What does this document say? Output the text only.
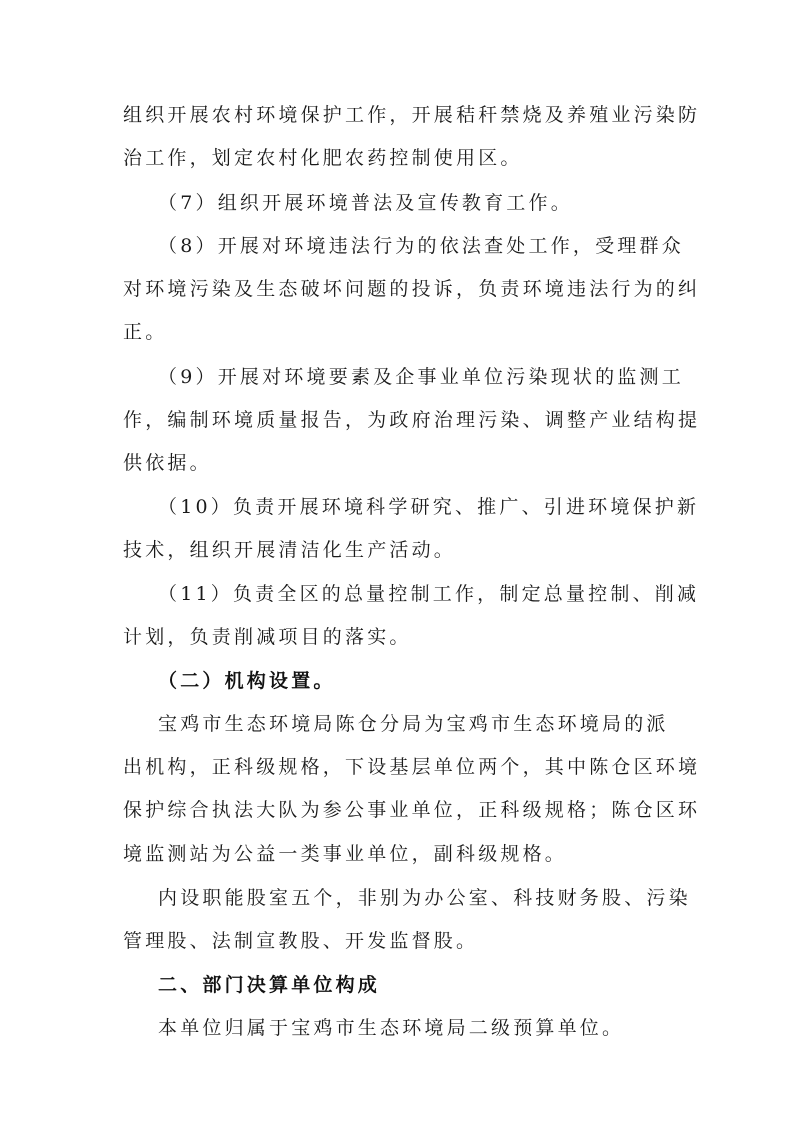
组织开展农村环境保护工作，开展秸秆禁烧及养殖业污染防
治工作，划定农村化肥农药控制使用区。
（7）组织开展环境普法及宣传教育工作。
（8）开展对环境违法行为的依法查处工作，受理群众
对环境污染及生态破坏问题的投诉，负责环境违法行为的纠
正。
（9）开展对环境要素及企事业单位污染现状的监测工
作，编制环境质量报告，为政府治理污染、调整产业结构提
供依据。
（10）负责开展环境科学研究、推广、引进环境保护新
技术，组织开展清洁化生产活动。
（11）负责全区的总量控制工作，制定总量控制、削减
计划，负责削减项目的落实。
（二）机构设置。
宝鸡市生态环境局陈仓分局为宝鸡市生态环境局的派
出机构，正科级规格，下设基层单位两个，其中陈仓区环境
保护综合执法大队为参公事业单位，正科级规格；陈仓区环
境监测站为公益一类事业单位，副科级规格。
内设职能股室五个，非别为办公室、科技财务股、污染
管理股、法制宣教股、开发监督股。
二、部门决算单位构成
本单位归属于宝鸡市生态环境局二级预算单位。
